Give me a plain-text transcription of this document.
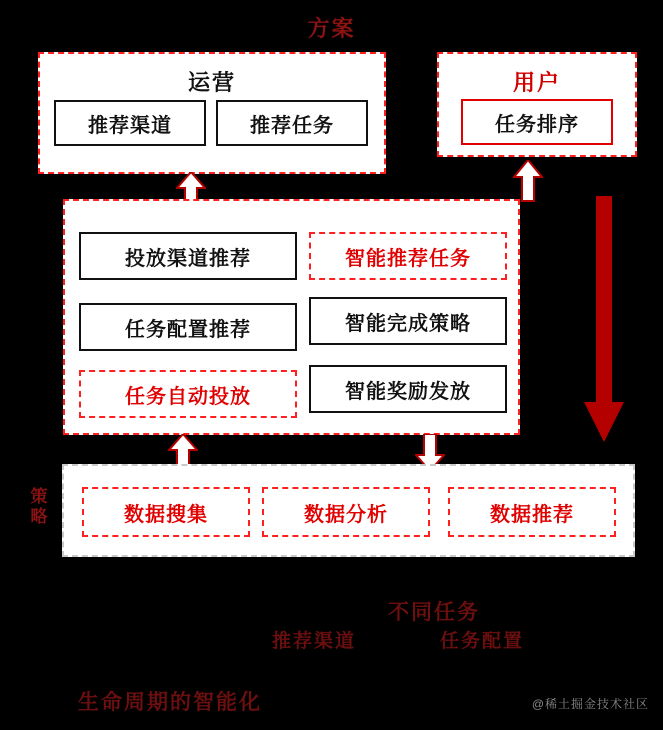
方案
运营
推荐渠道	推荐任务
用户
任务排序
投放渠道推荐	智能推荐任务
任务配置推荐	智能完成策略
任务自动投放	智能奖励发放
策略	数据搜集	数据分析	数据推荐
不同任务
推荐渠道	任务配置
生命周期的智能化	@稀土掘金技术社区
